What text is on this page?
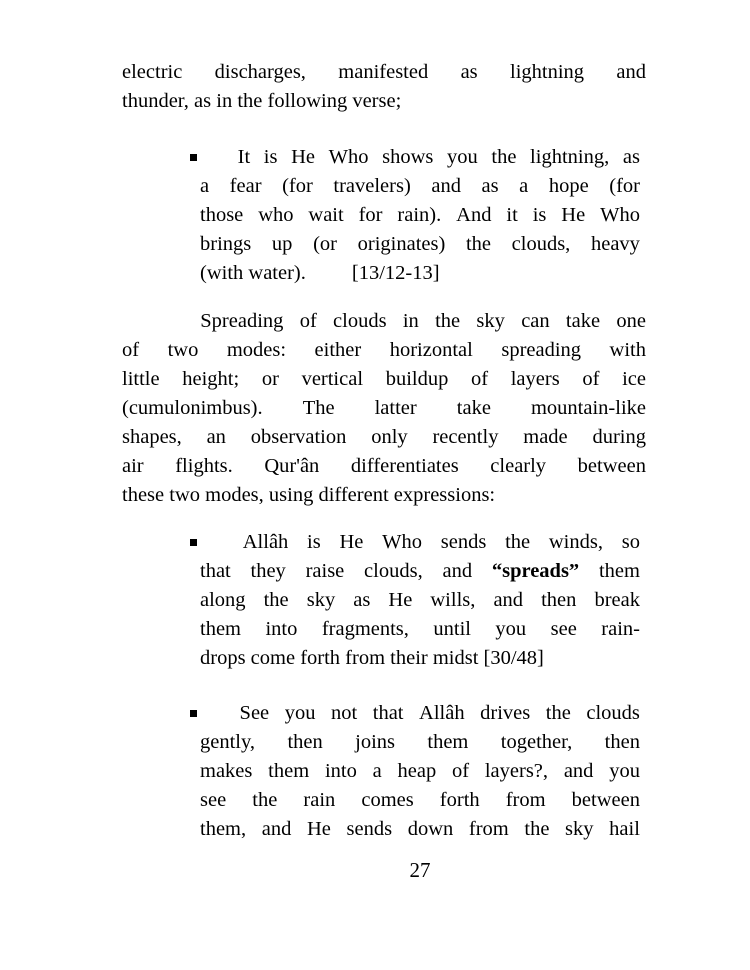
electric discharges, manifested as lightning and
thunder, as in the following verse;
It is He Who shows you the lightning, as
a fear (for travelers) and as a hope (for
those who wait for rain). And it is He Who
brings up (or originates) the clouds, heavy
(with water). [13/12-13]
Spreading of clouds in the sky can take one
of two modes: either horizontal spreading with
little height; or vertical buildup of layers of ice
(cumulonimbus). The latter take mountain-like
shapes, an observation only recently made during
air flights. Qur'ân differentiates clearly between
these two modes, using different expressions:
Allâh is He Who sends the winds, so
that they raise clouds, and “spreads” them
along the sky as He wills, and then break
them into fragments, until you see rain-
drops come forth from their midst [30/48]
See you not that Allâh drives the clouds
gently, then joins them together, then
makes them into a heap of layers?, and you
see the rain comes forth from between
them, and He sends down from the sky hail
27
